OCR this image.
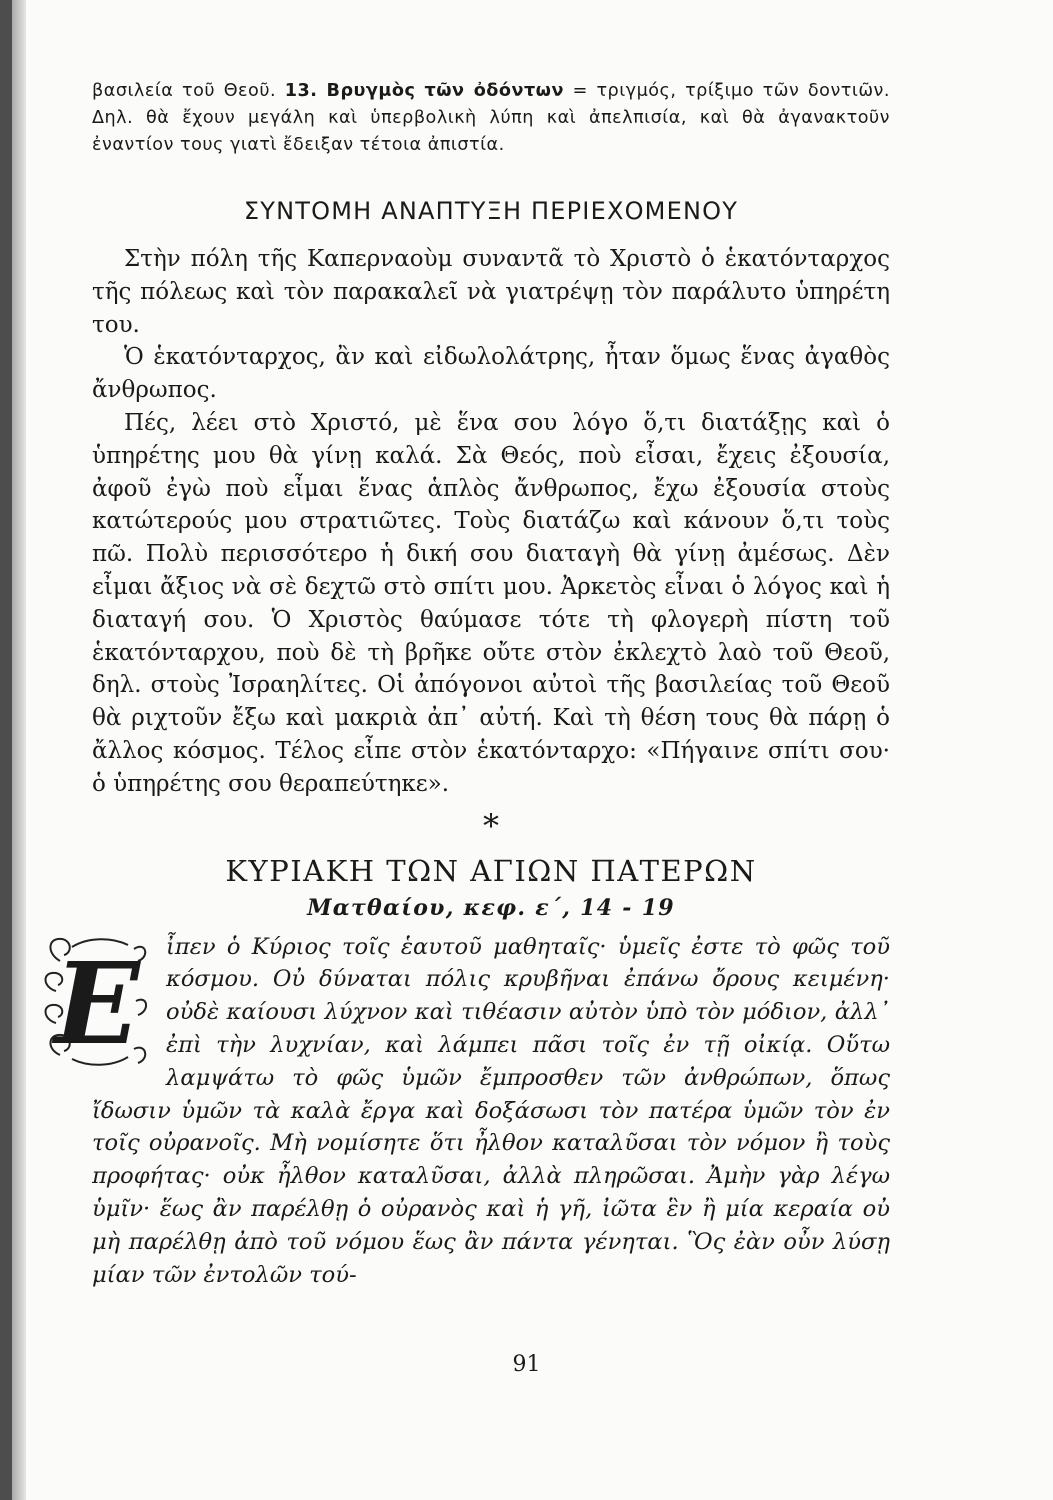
βασιλεία τοῦ Θεοῦ. 13. Βρυγμὸς τῶν ὀδόντων = τριγμός, τρίξιμο τῶν δοντιῶν. Δηλ. θὰ ἔχουν μεγάλη καὶ ὑπερβολικὴ λύπη καὶ ἀπελπισία, καὶ θὰ ἀγανακτοῦν ἐναντίον τους γιατὶ ἔδειξαν τέτοια ἀπιστία.

ΣΥΝΤΟΜΗ ΑΝΑΠΤΥΞΗ ΠΕΡΙΕΧΟΜΕΝΟΥ

Στὴν πόλη τῆς Καπερναοὺμ συναντᾶ τὸ Χριστὸ ὁ ἑκατόνταρχος τῆς πόλεως καὶ τὸν παρακαλεῖ νὰ γιατρέψῃ τὸν παράλυτο ὑπηρέτη του.

Ὁ ἑκατόνταρχος, ἂν καὶ εἰδωλολάτρης, ἦταν ὅμως ἕνας ἀγαθὸς ἄνθρωπος.

Πές, λέει στὸ Χριστό, μὲ ἕνα σου λόγο ὅ,τι διατάξῃς καὶ ὁ ὑπηρέτης μου θὰ γίνῃ καλά. Σὰ Θεός, ποὺ εἶσαι, ἔχεις ἐξουσία, ἀφοῦ ἐγὼ ποὺ εἶμαι ἕνας ἁπλὸς ἄνθρωπος, ἔχω ἐξουσία στοὺς κατώτερούς μου στρατιῶτες. Τοὺς διατάζω καὶ κάνουν ὅ,τι τοὺς πῶ. Πολὺ περισσότερο ἡ δική σου διαταγὴ θὰ γίνῃ ἀμέσως. Δὲν εἶμαι ἄξιος νὰ σὲ δεχτῶ στὸ σπίτι μου. Ἀρκετὸς εἶναι ὁ λόγος καὶ ἡ διαταγή σου. Ὁ Χριστὸς θαύμασε τότε τὴ φλογερὴ πίστη τοῦ ἑκατόνταρχου, ποὺ δὲ τὴ βρῆκε οὔτε στὸν ἐκλεχτὸ λαὸ τοῦ Θεοῦ, δηλ. στοὺς Ἰσραηλίτες. Οἱ ἀπόγονοι αὐτοὶ τῆς βασιλείας τοῦ Θεοῦ θὰ ριχτοῦν ἔξω καὶ μακριὰ ἀπ᾽ αὐτή. Καὶ τὴ θέση τους θὰ πάρῃ ὁ ἄλλος κόσμος. Τέλος εἶπε στὸν ἑκατόνταρχο: «Πήγαινε σπίτι σου· ὁ ὑπηρέτης σου θεραπεύτηκε».

*
ΚΥΡΙΑΚΗ ΤΩΝ ΑΓΙΩΝ ΠΑΤΕΡΩΝ
Ματθαίου, κεφ. ε΄, 14 - 19
Ε ἶπεν ὁ Κύριος τοῖς ἑαυτοῦ μαθηταῖς· ὑμεῖς ἐστε τὸ φῶς τοῦ κόσμου. Οὐ δύναται πόλις κρυβῆναι ἐπάνω ὄρους κειμένη· οὐδὲ καίουσι λύχνον καὶ τιθέασιν αὐτὸν ὑπὸ τὸν μόδιον, ἀλλ᾽ ἐπὶ τὴν λυχνίαν, καὶ λάμπει πᾶσι τοῖς ἐν τῇ οἰκίᾳ. Οὕτω λαμψάτω τὸ φῶς ὑμῶν ἔμπροσθεν τῶν ἀνθρώπων, ὅπως ἴδωσιν ὑμῶν τὰ καλὰ ἔργα καὶ δοξάσωσι τὸν πατέρα ὑμῶν τὸν ἐν τοῖς οὐρανοῖς. Μὴ νομίσητε ὅτι ἦλθον καταλῦσαι τὸν νόμον ἢ τοὺς προφήτας· οὐκ ἦλθον καταλῦσαι, ἀλλὰ πληρῶσαι. Ἀμὴν γὰρ λέγω ὑμῖν· ἕως ἂν παρέλθῃ ὁ οὐρανὸς καὶ ἡ γῆ, ἰῶτα ἓν ἢ μία κεραία οὐ μὴ παρέλθῃ ἀπὸ τοῦ νόμου ἕως ἂν πάντα γένηται. Ὃς ἐὰν οὖν λύσῃ μίαν τῶν ἐντολῶν τού-
91
